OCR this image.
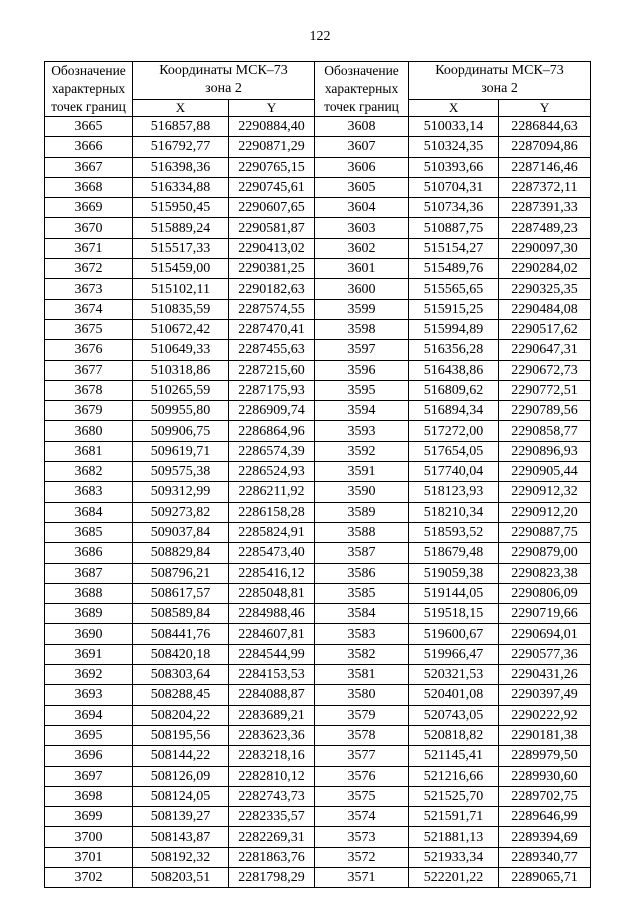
122
Обозначение
характерных
точек границ	Координаты МСК–73
зона 2		Обозначение
характерных
точек границ	Координаты МСК–73
зона 2	

	X	Y		X	Y
3665	516857,88	2290884,40	3608	510033,14	2286844,63
3666	516792,77	2290871,29	3607	510324,35	2287094,86
3667	516398,36	2290765,15	3606	510393,66	2287146,46
3668	516334,88	2290745,61	3605	510704,31	2287372,11
3669	515950,45	2290607,65	3604	510734,36	2287391,33
3670	515889,24	2290581,87	3603	510887,75	2287489,23
3671	515517,33	2290413,02	3602	515154,27	2290097,30
3672	515459,00	2290381,25	3601	515489,76	2290284,02
3673	515102,11	2290182,63	3600	515565,65	2290325,35
3674	510835,59	2287574,55	3599	515915,25	2290484,08
3675	510672,42	2287470,41	3598	515994,89	2290517,62
3676	510649,33	2287455,63	3597	516356,28	2290647,31
3677	510318,86	2287215,60	3596	516438,86	2290672,73
3678	510265,59	2287175,93	3595	516809,62	2290772,51
3679	509955,80	2286909,74	3594	516894,34	2290789,56
3680	509906,75	2286864,96	3593	517272,00	2290858,77
3681	509619,71	2286574,39	3592	517654,05	2290896,93
3682	509575,38	2286524,93	3591	517740,04	2290905,44
3683	509312,99	2286211,92	3590	518123,93	2290912,32
3684	509273,82	2286158,28	3589	518210,34	2290912,20
3685	509037,84	2285824,91	3588	518593,52	2290887,75
3686	508829,84	2285473,40	3587	518679,48	2290879,00
3687	508796,21	2285416,12	3586	519059,38	2290823,38
3688	508617,57	2285048,81	3585	519144,05	2290806,09
3689	508589,84	2284988,46	3584	519518,15	2290719,66
3690	508441,76	2284607,81	3583	519600,67	2290694,01
3691	508420,18	2284544,99	3582	519966,47	2290577,36
3692	508303,64	2284153,53	3581	520321,53	2290431,26
3693	508288,45	2284088,87	3580	520401,08	2290397,49
3694	508204,22	2283689,21	3579	520743,05	2290222,92
3695	508195,56	2283623,36	3578	520818,82	2290181,38
3696	508144,22	2283218,16	3577	521145,41	2289979,50
3697	508126,09	2282810,12	3576	521216,66	2289930,60
3698	508124,05	2282743,73	3575	521525,70	2289702,75
3699	508139,27	2282335,57	3574	521591,71	2289646,99
3700	508143,87	2282269,31	3573	521881,13	2289394,69
3701	508192,32	2281863,76	3572	521933,34	2289340,77
3702	508203,51	2281798,29	3571	522201,22	2289065,71
